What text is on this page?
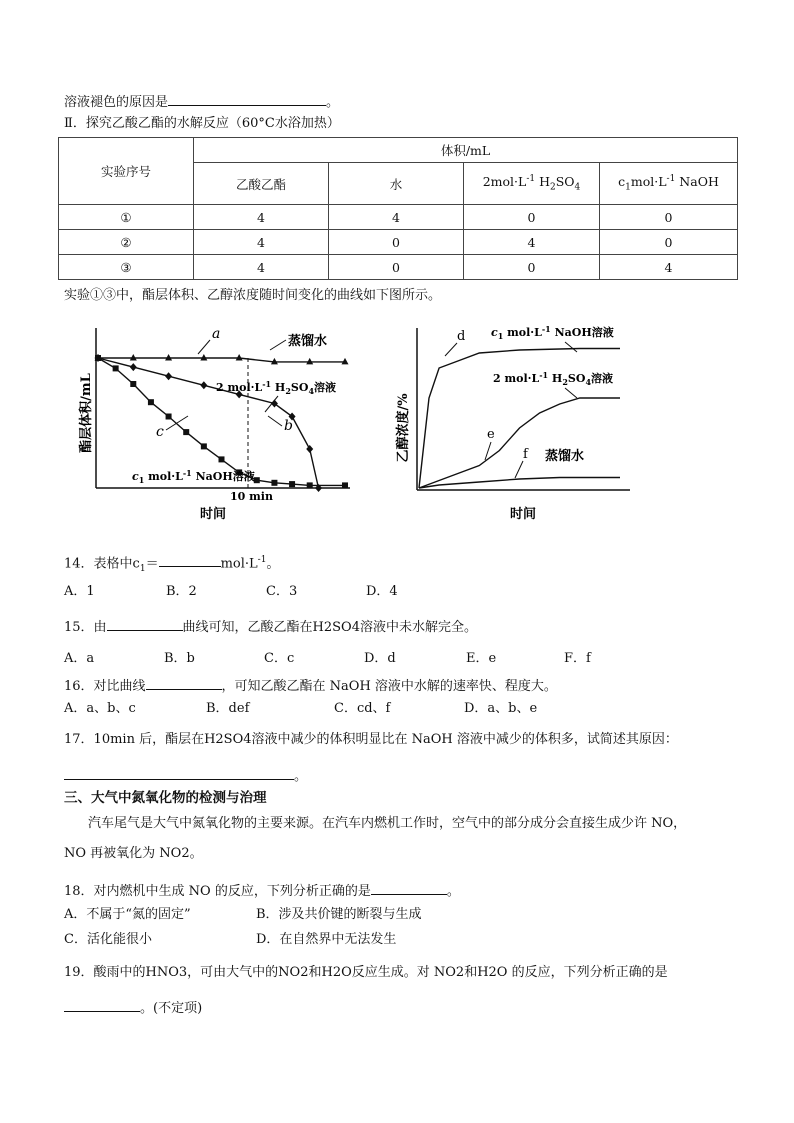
溶液褪色的原因是	。
Ⅱ．探究乙酸乙酯的水解反应（60°C水浴加热）
实验序号	体积/mL			
	乙酸乙酯	水	$2mol\cdot L^{-1}$ $H_2SO_4$	$c_1mol\cdot L^{-1}$ NaOH
①	4	4	0	0
②	4	0	4	0
③	4	0	0	4
实验①③中，酯层体积、乙醇浓度随时间变化的曲线如下图所示。
酯层体积/mL
10 min
时间
a	蒸馏水
2 $mol\cdot L^{-1}$ $H_2SO_4$溶液
b
c
$c_1$ $mol\cdot L^{-1}$ NaOH溶液
乙醇浓度/%
时间
d $c_1$ $mol\cdot L^{-1}$ NaOH溶液
2 $mol\cdot L^{-1}$ $H_2SO_4$溶液
e
f 蒸馏水
14．表格中$c_1=$	$mol\cdot L^{-1}$。
A．1	B．2	C．3	D．4
15．由	曲线可知，乙酸乙酯在H2SO4溶液中未水解完全。
A．a	B．b	C．c	D．d	E．e	F．f
16．对比曲线	，可知乙酸乙酯在 NaOH 溶液中水解的速率快、程度大。
A．a、b、c	B．def	C．cd、f	D．a、b、e
17．10min 后，酯层在H2SO4溶液中减少的体积明显比在 NaOH 溶液中减少的体积多，试简述其原因：
。
三、大气中氮氧化物的检测与治理
汽车尾气是大气中氮氧化物的主要来源。在汽车内燃机工作时，空气中的部分成分会直接生成少许 NO，
NO 再被氧化为 NO2。
18．对内燃机中生成 NO 的反应，下列分析正确的是	。
A．不属于“氮的固定”	B．涉及共价键的断裂与生成
C．活化能很小	D．在自然界中无法发生
19．酸雨中的HNO3，可由大气中的NO2和H2O反应生成。对 NO2和H2O 的反应，下列分析正确的是
。(不定项)
